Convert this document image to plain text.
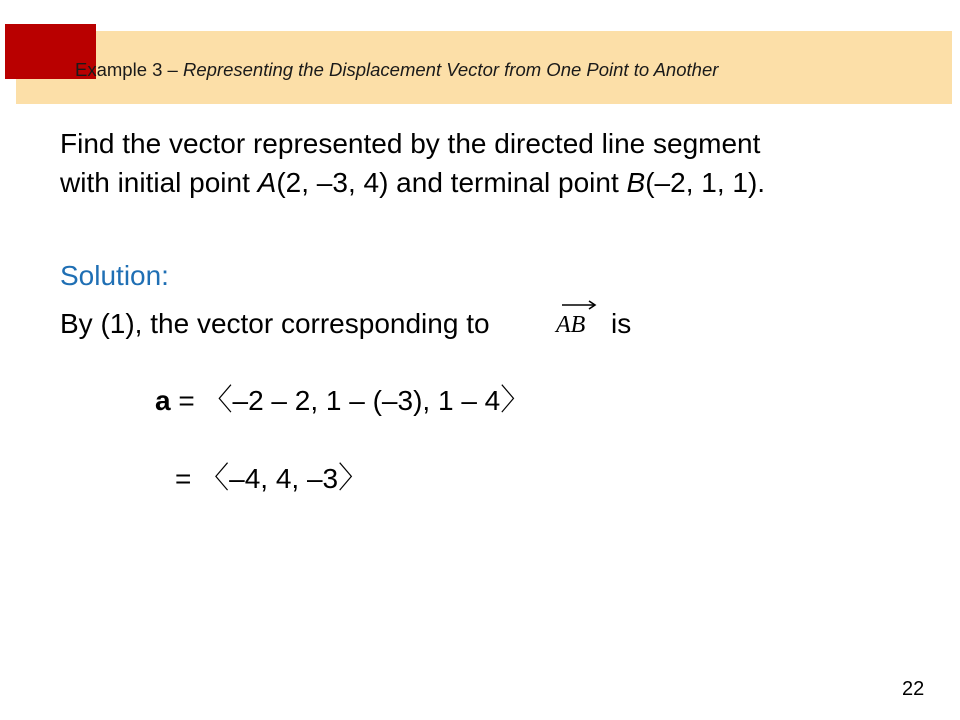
Example 3 – Representing the Displacement Vector from One Point to Another
Find the vector represented by the directed line segment
with initial point A(2, –3, 4) and terminal point B(–2, 1, 1).
Solution:
By (1), the vector corresponding to	AB is
a = 〈–2 – 2, 1 – (–3), 1 – 4〉
= 〈–4, 4, –3〉
22
